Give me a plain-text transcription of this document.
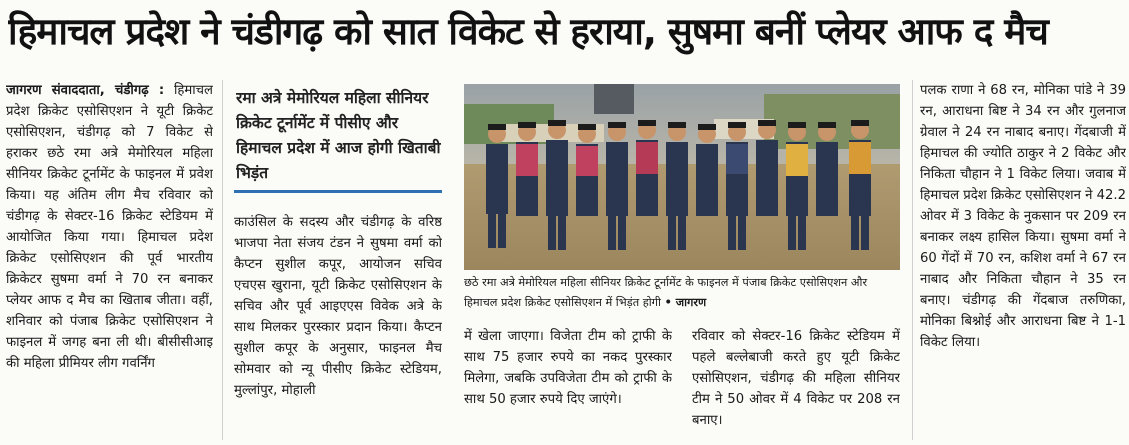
हिमाचल प्रदेश ने चंडीगढ़ को सात विकेट से हराया, सुषमा बनीं प्लेयर आफ द मैच
जागरण संवाददाता, चंडीगढ़ : हिमाचल प्रदेश क्रिकेट एसोसिएशन ने यूटी क्रिकेट एसोसिएशन, चंडीगढ़ को 7 विकेट से हराकर छठे रमा अत्रे मेमोरियल महिला सीनियर क्रिकेट टूर्नामेंट के फाइनल में प्रवेश किया। यह अंतिम लीग मैच रविवार को चंडीगढ़ के सेक्टर-16 क्रिकेट स्टेडियम में आयोजित किया गया। हिमाचल प्रदेश क्रिकेट एसोसिएशन की पूर्व भारतीय क्रिकेटर सुषमा वर्मा ने 70 रन बनाकर प्लेयर आफ द मैच का खिताब जीता। वहीं, शनिवार को पंजाब क्रिकेट एसोसिएशन ने फाइनल में जगह बना ली थी। बीसीसीआइ की महिला प्रीमियर लीग गवर्निंग
रमा अत्रे मेमोरियल महिला सीनियर क्रिकेट टूर्नामेंट में पीसीए और हिमाचल प्रदेश में आज होगी खिताबी भिड़ंत
काउंसिल के सदस्य और चंडीगढ़ के वरिष्ठ भाजपा नेता संजय टंडन ने सुषमा वर्मा को कैप्टन सुशील कपूर, आयोजन सचिव एचएस खुराना, यूटी क्रिकेट एसोसिएशन के सचिव और पूर्व आइएएस विवेक अत्रे के साथ मिलकर पुरस्कार प्रदान किया। कैप्टन सुशील कपूर के अनुसार, फाइनल मैच सोमवार को न्यू पीसीए क्रिकेट स्टेडियम, मुल्लांपुर, मोहाली
छठे रमा अत्रे मेमोरियल महिला सीनियर क्रिकेट टूर्नामेंट के फाइनल में पंजाब क्रिकेट एसोसिएशन और हिमाचल प्रदेश क्रिकेट एसोसिएशन में भिड़ंत होगी • जागरण
में खेला जाएगा। विजेता टीम को ट्राफी के साथ 75 हजार रुपये का नकद पुरस्कार मिलेगा, जबकि उपविजेता टीम को ट्राफी के साथ 50 हजार रुपये दिए जाएंगे।
रविवार को सेक्टर-16 क्रिकेट स्टेडियम में पहले बल्लेबाजी करते हुए यूटी क्रिकेट एसोसिएशन, चंडीगढ़ की महिला सीनियर टीम ने 50 ओवर में 4 विकेट पर 208 रन बनाए।
पलक राणा ने 68 रन, मोनिका पांडे ने 39 रन, आराधना बिष्ट ने 34 रन और गुलनाज ग्रेवाल ने 24 रन नाबाद बनाए। गेंदबाजी में हिमाचल की ज्योति ठाकुर ने 2 विकेट और निकिता चौहान ने 1 विकेट लिया। जवाब में हिमाचल प्रदेश क्रिकेट एसोसिएशन ने 42.2 ओवर में 3 विकेट के नुकसान पर 209 रन बनाकर लक्ष्य हासिल किया। सुषमा वर्मा ने 60 गेंदों में 70 रन, कशिश वर्मा ने 67 रन नाबाद और निकिता चौहान ने 35 रन बनाए। चंडीगढ़ की गेंदबाज तरुणिका, मोनिका बिश्नोई और आराधना बिष्ट ने 1-1 विकेट लिया।
